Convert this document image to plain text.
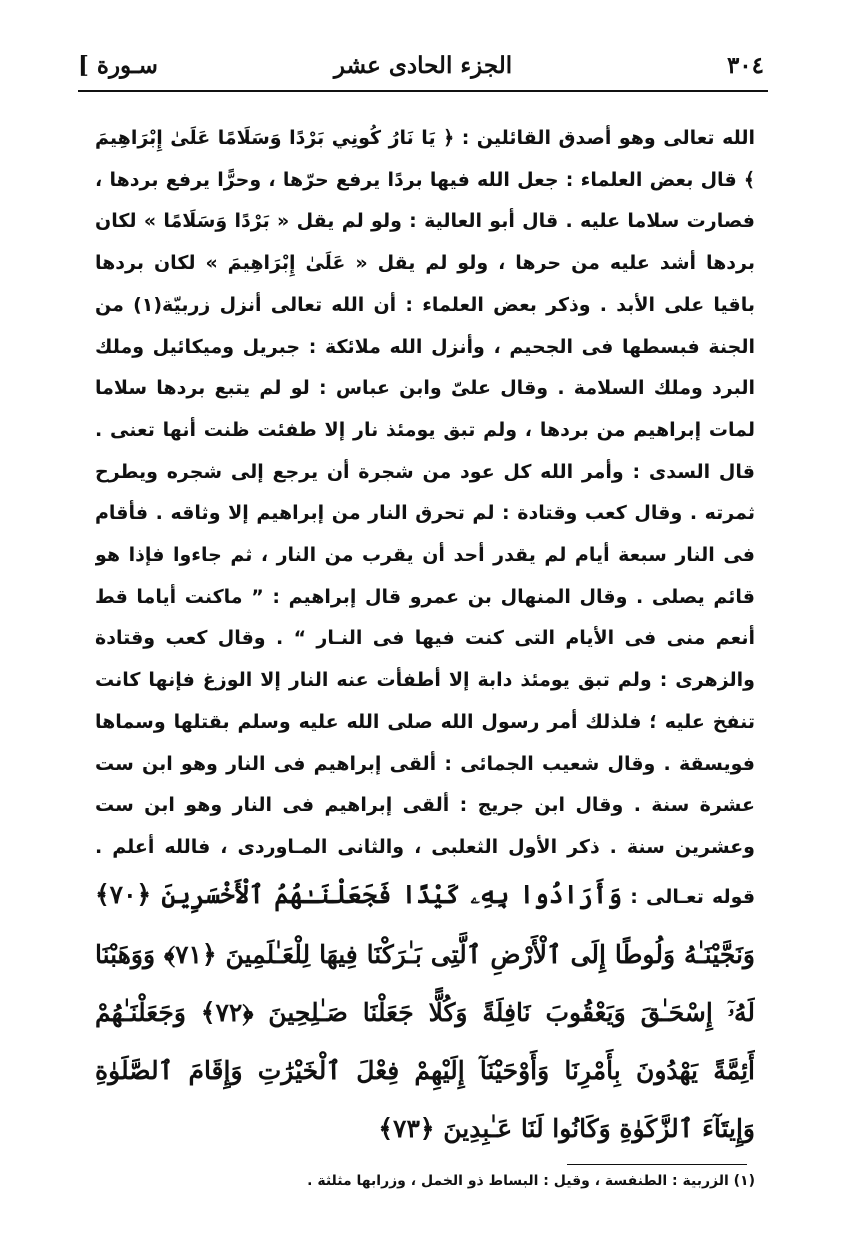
٣٠٤
الجزء الحادى عشر
سـورة ]
الله تعالى وهو أصدق القائلين : ﴿ يَا نَارُ كُونِي بَرْدًا وَسَلَامًا عَلَىٰ إِبْرَاهِيمَ ﴾ قال بعض العلماء : جعل الله فيها بردًا يرفع حرّها ، وحرًّا يرفع بردها ، فصارت سلاما عليه . قال أبو العالية : ولو لم يقل « بَرْدًا وَسَلَامًا » لكان بردها أشد عليه من حرها ، ولو لم يقل « عَلَىٰ إِبْرَاهِيمَ » لكان بردها باقيا على الأبد . وذكر بعض العلماء : أن الله تعالى أنزل زربيّة(١) من الجنة فبسطها فى الجحيم ، وأنزل الله ملائكة : جبريل وميكائيل وملك البرد وملك السلامة . وقال علىّ وابن عباس : لو لم يتبع بردها سلاما لمات إبراهيم من بردها ، ولم تبق يومئذ نار إلا طفئت ظنت أنها تعنى . قال السدى : وأمر الله كل عود من شجرة أن يرجع إلى شجره ويطرح ثمرته . وقال كعب وقتادة : لم تحرق النار من إبراهيم إلا وثاقه . فأقام فى النار سبعة أيام لم يقدر أحد أن يقرب من النار ، ثم جاءوا فإذا هو قائم يصلى . وقال المنهال بن عمرو قال إبراهيم : ” ماكنت أياما قط أنعم منى فى الأيام التى كنت فيها فى النـار “ . وقال كعب وقتادة والزهرى : ولم تبق يومئذ دابة إلا أطفأت عنه النار إلا الوزغ فإنها كانت تنفخ عليه ؛ فلذلك أمر رسول الله صلى الله عليه وسلم بقتلها وسماها فويسقة . وقال شعيب الجمائى : ألقى إبراهيم فى النار وهو ابن ست عشرة سنة . وقال ابن جريج : ألقى إبراهيم فى النار وهو ابن ست وعشرين سنة . ذكر الأول الثعلبى ، والثانى المـاوردى ، فالله أعلم .
قوله تعـالى : وَأَرَادُوا بِهِۦ كَيْدًا فَجَعَلْنَـٰهُمُ ٱلْأَخْسَرِينَ ﴿٧٠﴾ وَنَجَّيْنَـٰهُ وَلُوطًا إِلَى ٱلْأَرْضِ ٱلَّتِى بَـٰرَكْنَا فِيهَا لِلْعَـٰلَمِينَ ﴿٧١﴾ وَوَهَبْنَا لَهُۥٓ إِسْحَـٰقَ وَيَعْقُوبَ نَافِلَةً وَكُلًّا جَعَلْنَا صَـٰلِحِينَ ﴿٧٢﴾ وَجَعَلْنَـٰهُمْ أَئِمَّةً يَهْدُونَ بِأَمْرِنَا وَأَوْحَيْنَآ إِلَيْهِمْ فِعْلَ ٱلْخَيْرَٰتِ وَإِقَامَ ٱلصَّلَوٰةِ وَإِيتَآءَ ٱلزَّكَوٰةِ وَكَانُوا لَنَا عَـٰبِدِينَ ﴿٧٣﴾
(١) الزربية : الطنفسة ، وقيل : البساط ذو الخمل ، وزرابها مثلثة .
